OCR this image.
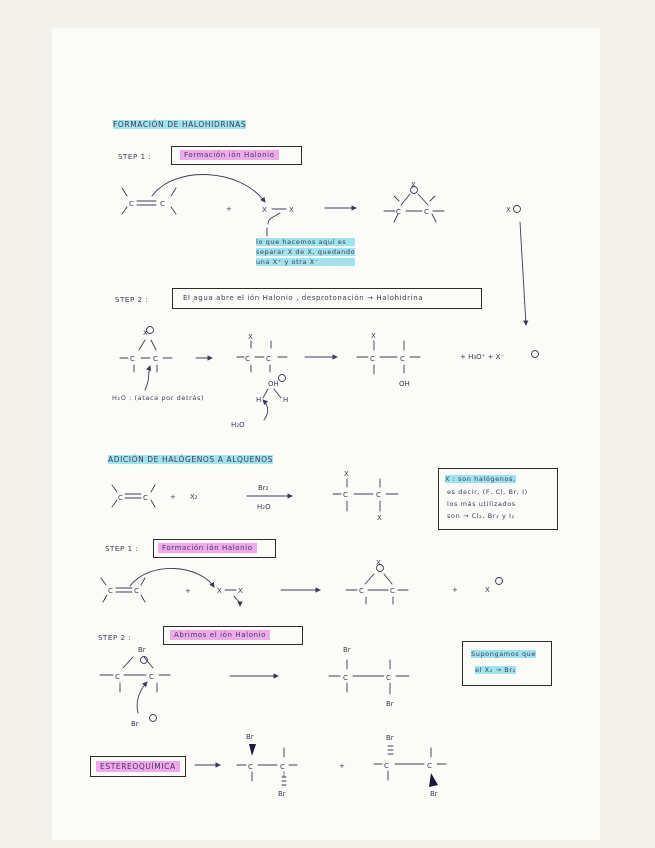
FORMACIÓN DE HALOHIDRINAS
STEP 1 :	Formación ión Halonio
lo que hacemos aquí es
separar X de X, quedando
una X⁺ y otra X⁻
STEP 2 :	El agua abre el ión Halonio , desprotonación → Halohidrina
H₂O : (ataca por detrás)
ADICIÓN DE HALÓGENOS A ALQUENOS
X : son halógenos,
es decir, (F, Cl, Br, I)
los más utilizados
son → Cl₂, Br₂ y I₂
STEP 1 :	Formación ión Halonio
STEP 2 :	Abrimos el ión Halonio
Supongamos que
el X₂ → Br₂
ESTEREOQUÍMICA
C	C
+	X	X	C	C
X
X
C	C
X
C C
X
OH
H	H
H₂O
C	C
X
OH
+ H₃O⁺ + X⁻
C	C	+ X₂
Br₂
H₂O
C	C
X
X
C	C	+	X X	C	C
X
+	X
C	C
Br
Br
Br
C	C
Br
Br
C	C
Br
+
Br
C	C
Br
